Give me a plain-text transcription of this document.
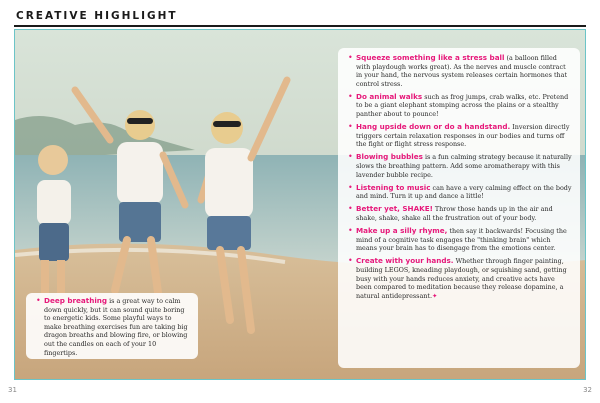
CREATIVE HIGHLIGHT
• Squeeze something like a stress ball (a balloon filled with playdough works great). As the nerves and muscle contract in your hand, the nervous system releases certain hormones that control stress.
• Do animal walks such as frog jumps, crab walks, etc. Pretend to be a giant elephant stomping across the plains or a stealthy panther about to pounce!
• Hang upside down or do a handstand. Inversion directly triggers certain relaxation responses in our bodies and turns off the fight or flight stress response.
• Blowing bubbles is a fun calming strategy because it naturally slows the breathing pattern. Add some aromatherapy with this lavender bubble recipe.
• Listening to music can have a very calming effect on the body and mind. Turn it up and dance a little!
• Better yet, SHAKE! Throw those hands up in the air and shake, shake, shake all the frustration out of your body.
• Make up a silly rhyme, then say it backwards! Focusing the mind of a cognitive task engages the "thinking brain" which means your brain has to disengage from the emotions center.
• Create with your hands. Whether through finger painting, building LEGOS, kneading playdough, or squishing sand, getting busy with your hands reduces anxiety, and creative acts have been compared to meditation because they release dopamine, a natural antidepressant.✦
• Deep breathing is a great way to calm down quickly, but it can sound quite boring to energetic kids. Some playful ways to make breathing exercises fun are taking big dragon breaths and blowing fire, or blowing out the candles on each of your 10 fingertips.
31	32
